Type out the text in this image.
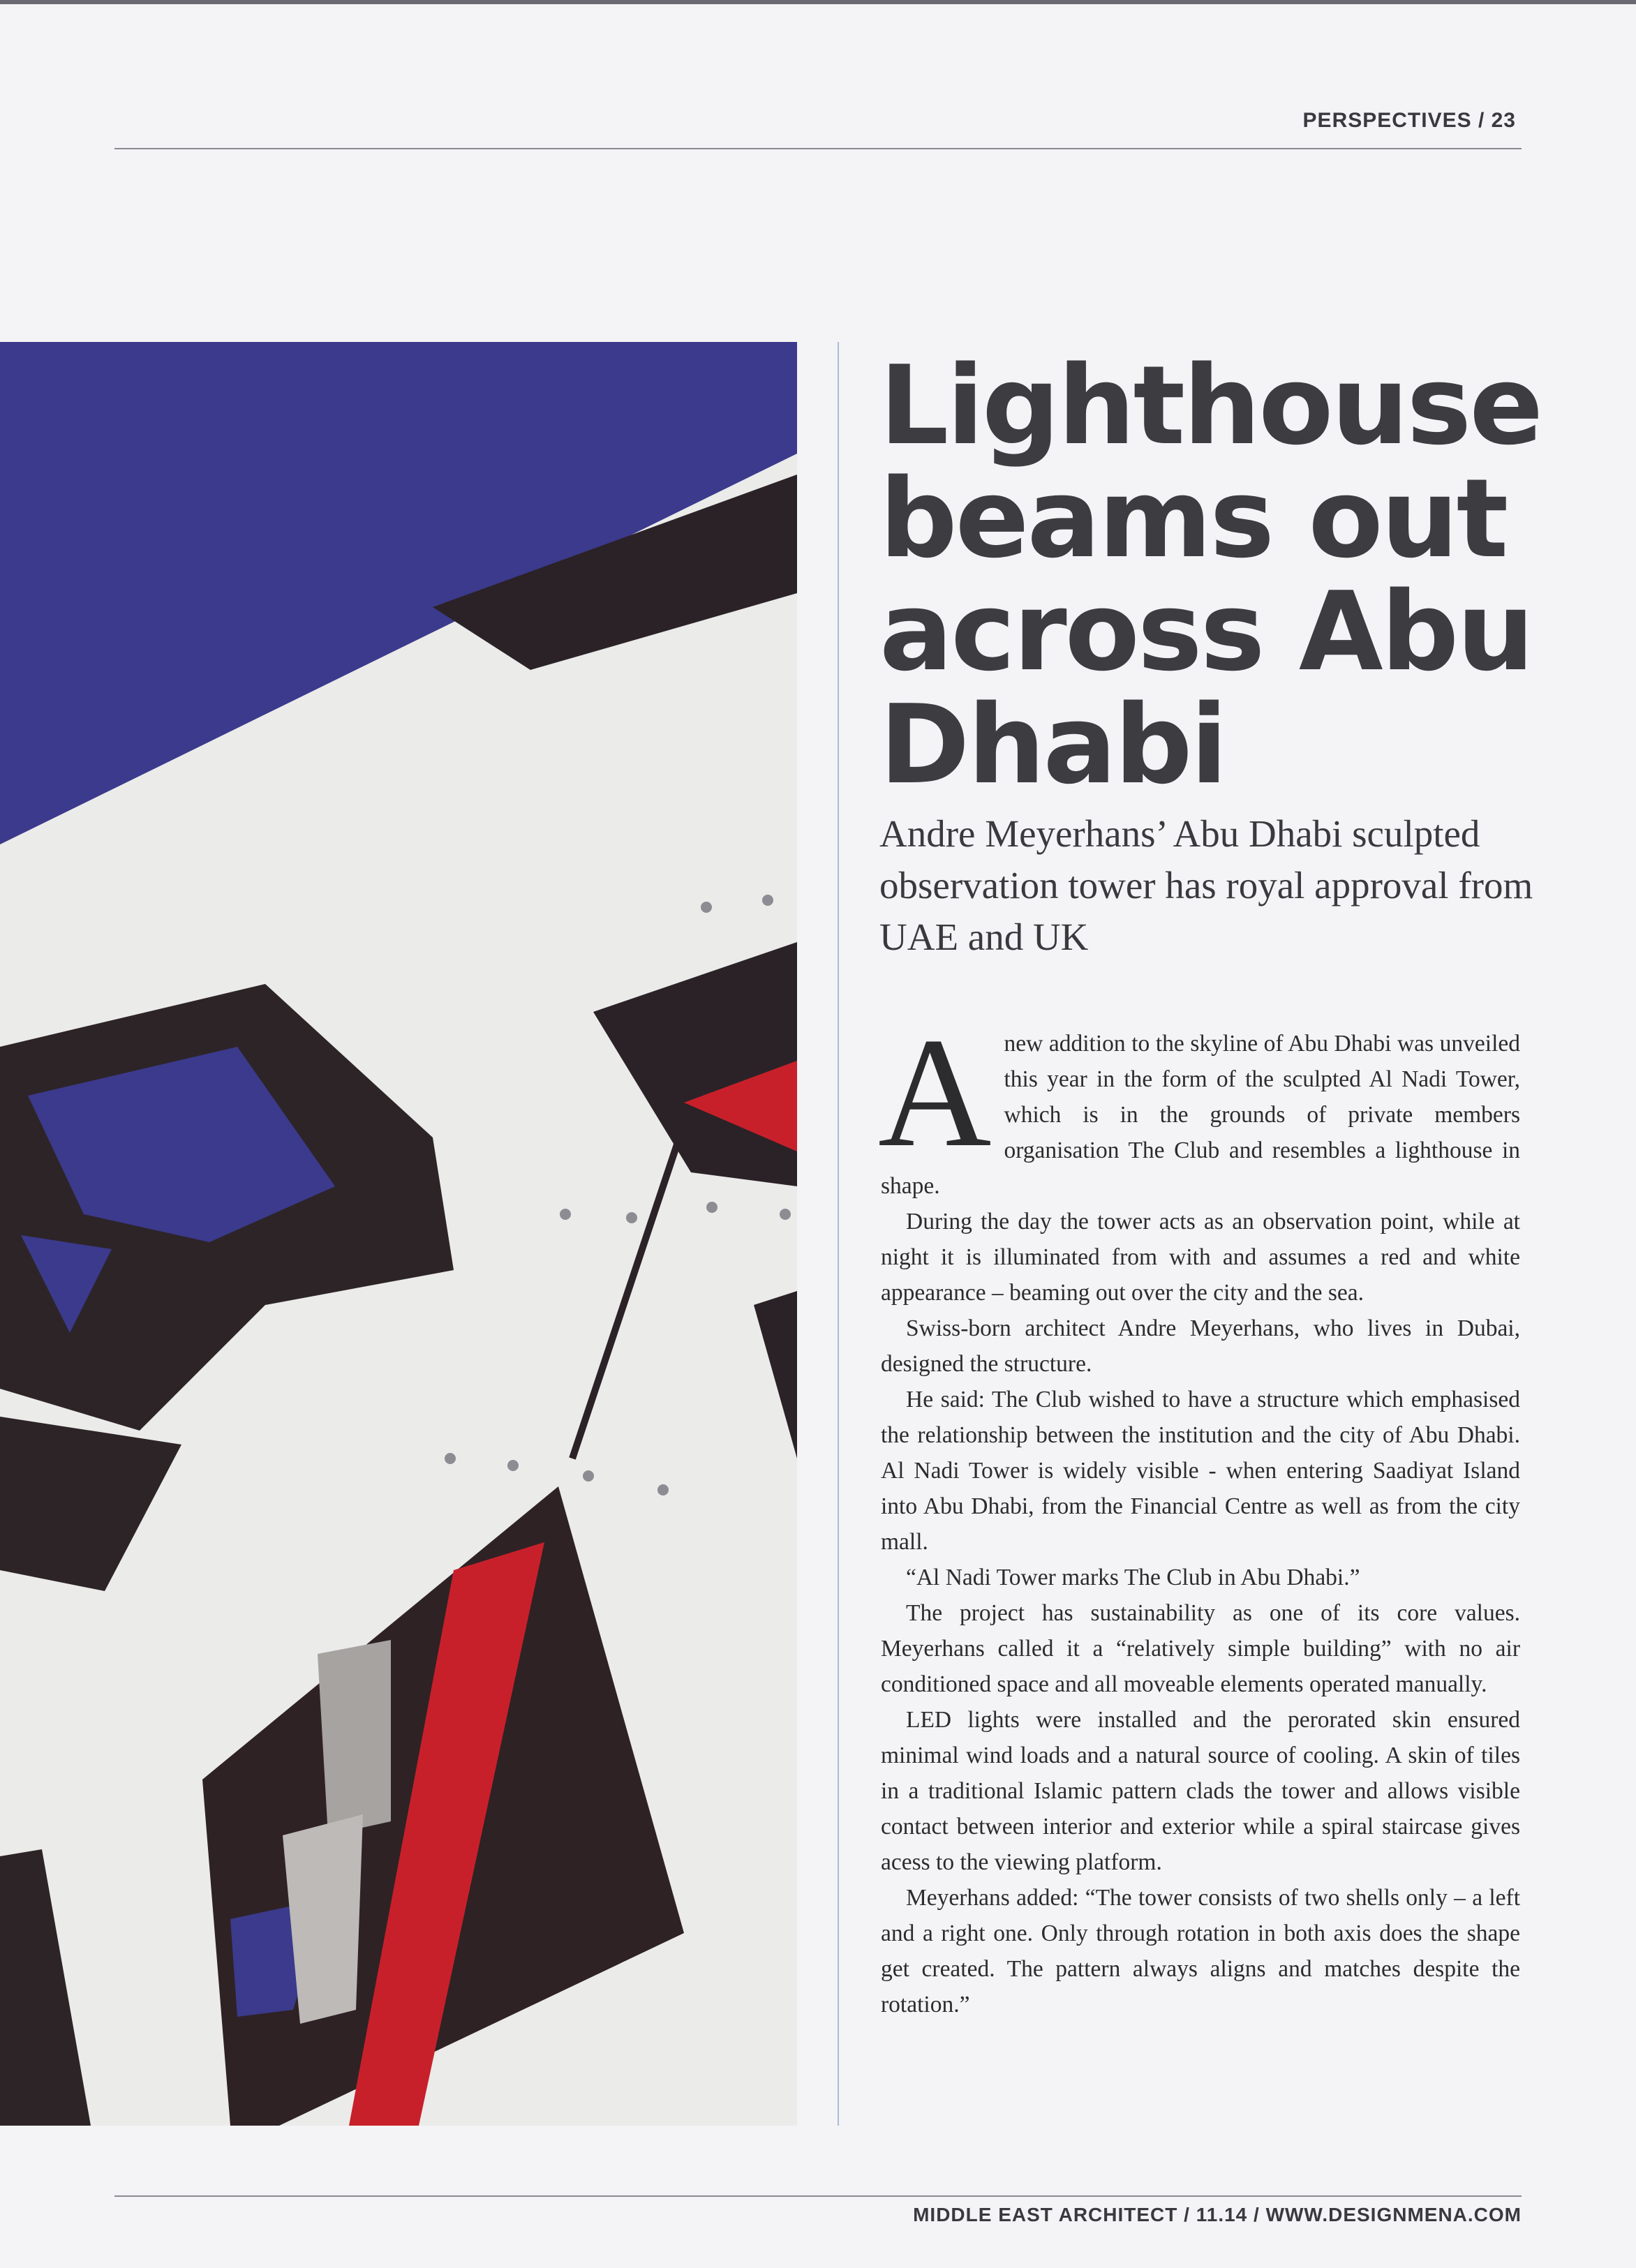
PERSPECTIVES / 23
Lighthouse beams out across Abu Dhabi

Andre Meyerhans’ Abu Dhabi sculpted observation tower has royal approval from UAE and UK

Anew addition to the skyline of Abu Dhabi was unveiled this year in the form of the sculpted Al Nadi Tower, which is in the grounds of private members organisation The Club and resembles a lighthouse in shape.

During the day the tower acts as an observation point, while at night it is illuminated from with and assumes a red and white appearance – beaming out over the city and the sea.

Swiss-born architect Andre Meyerhans, who lives in Dubai, designed the structure.

He said: The Club wished to have a structure which emphasised the relationship between the institution and the city of Abu Dhabi. Al Nadi Tower is widely visible - when entering Saadiyat Island into Abu Dhabi, from the Financial Centre as well as from the city mall.

“Al Nadi Tower marks The Club in Abu Dhabi.”

The project has sustainability as one of its core values. Meyerhans called it a “relatively simple building” with no air conditioned space and all moveable elements operated manually.

LED lights were installed and the perorated skin ensured minimal wind loads and a natural source of cooling. A skin of tiles in a traditional Islamic pattern clads the tower and allows visible contact between interior and exterior while a spiral staircase gives acess to the viewing platform.

Meyerhans added: “The tower consists of two shells only – a left and a right one. Only through rotation in both axis does the shape get created. The pattern always aligns and matches despite the rotation.”

MIDDLE EAST ARCHITECT / 11.14 / WWW.DESIGNMENA.COM
